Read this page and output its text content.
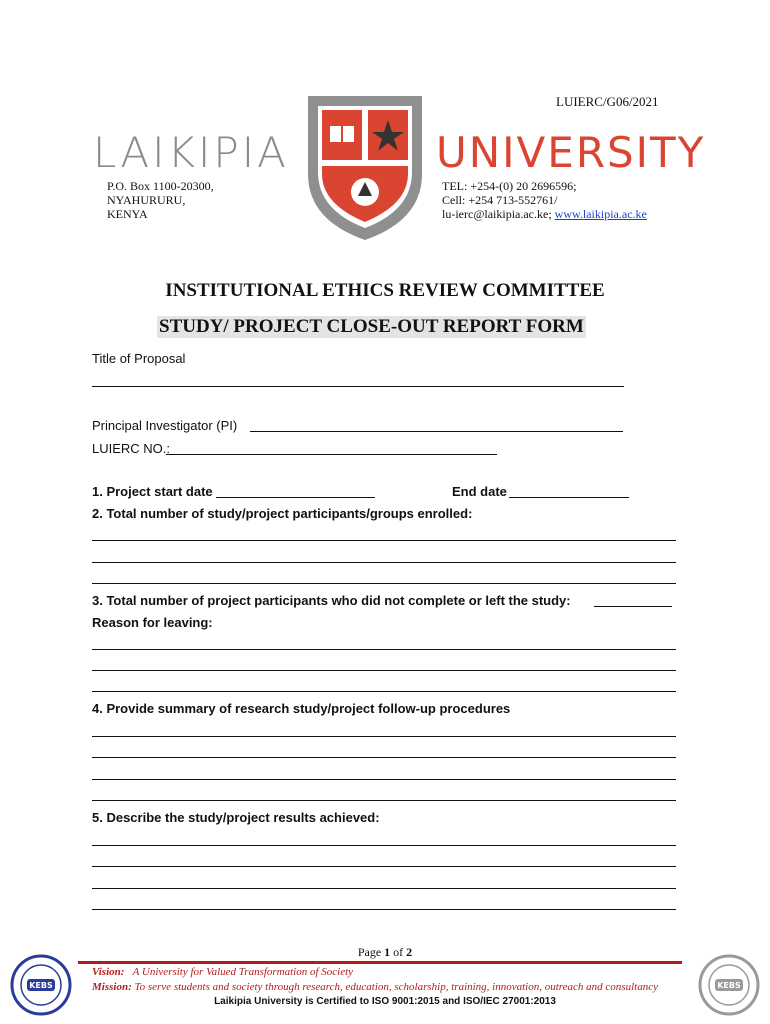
LUIERC/G06/2021
LAIKIPIA	UNIVERSITY
P.O. Box 1100-20300,
NYAHURURU,
KENYA
TEL: +254-(0) 20 2696596;
Cell: +254 713-552761/
lu-ierc@laikipia.ac.ke; www.laikipia.ac.ke
INSTITUTIONAL ETHICS REVIEW COMMITTEE
STUDY/ PROJECT CLOSE-OUT REPORT FORM
Title of Proposal
Principal Investigator (PI)
LUIERC NO.:
1. Project start date	End date
2. Total number of study/project participants/groups enrolled:
3. Total number of project participants who did not complete or left the study:
Reason for leaving:
4. Provide summary of research study/project follow-up procedures
5. Describe the study/project results achieved:
Page 1 of 2
Vision: A University for Valued Transformation of Society
Mission: To serve students and society through research, education, scholarship, training, innovation, outreach and consultancy
Laikipia University is Certified to ISO 9001:2015 and ISO/IEC 27001:2013
KEBS	KEBS
